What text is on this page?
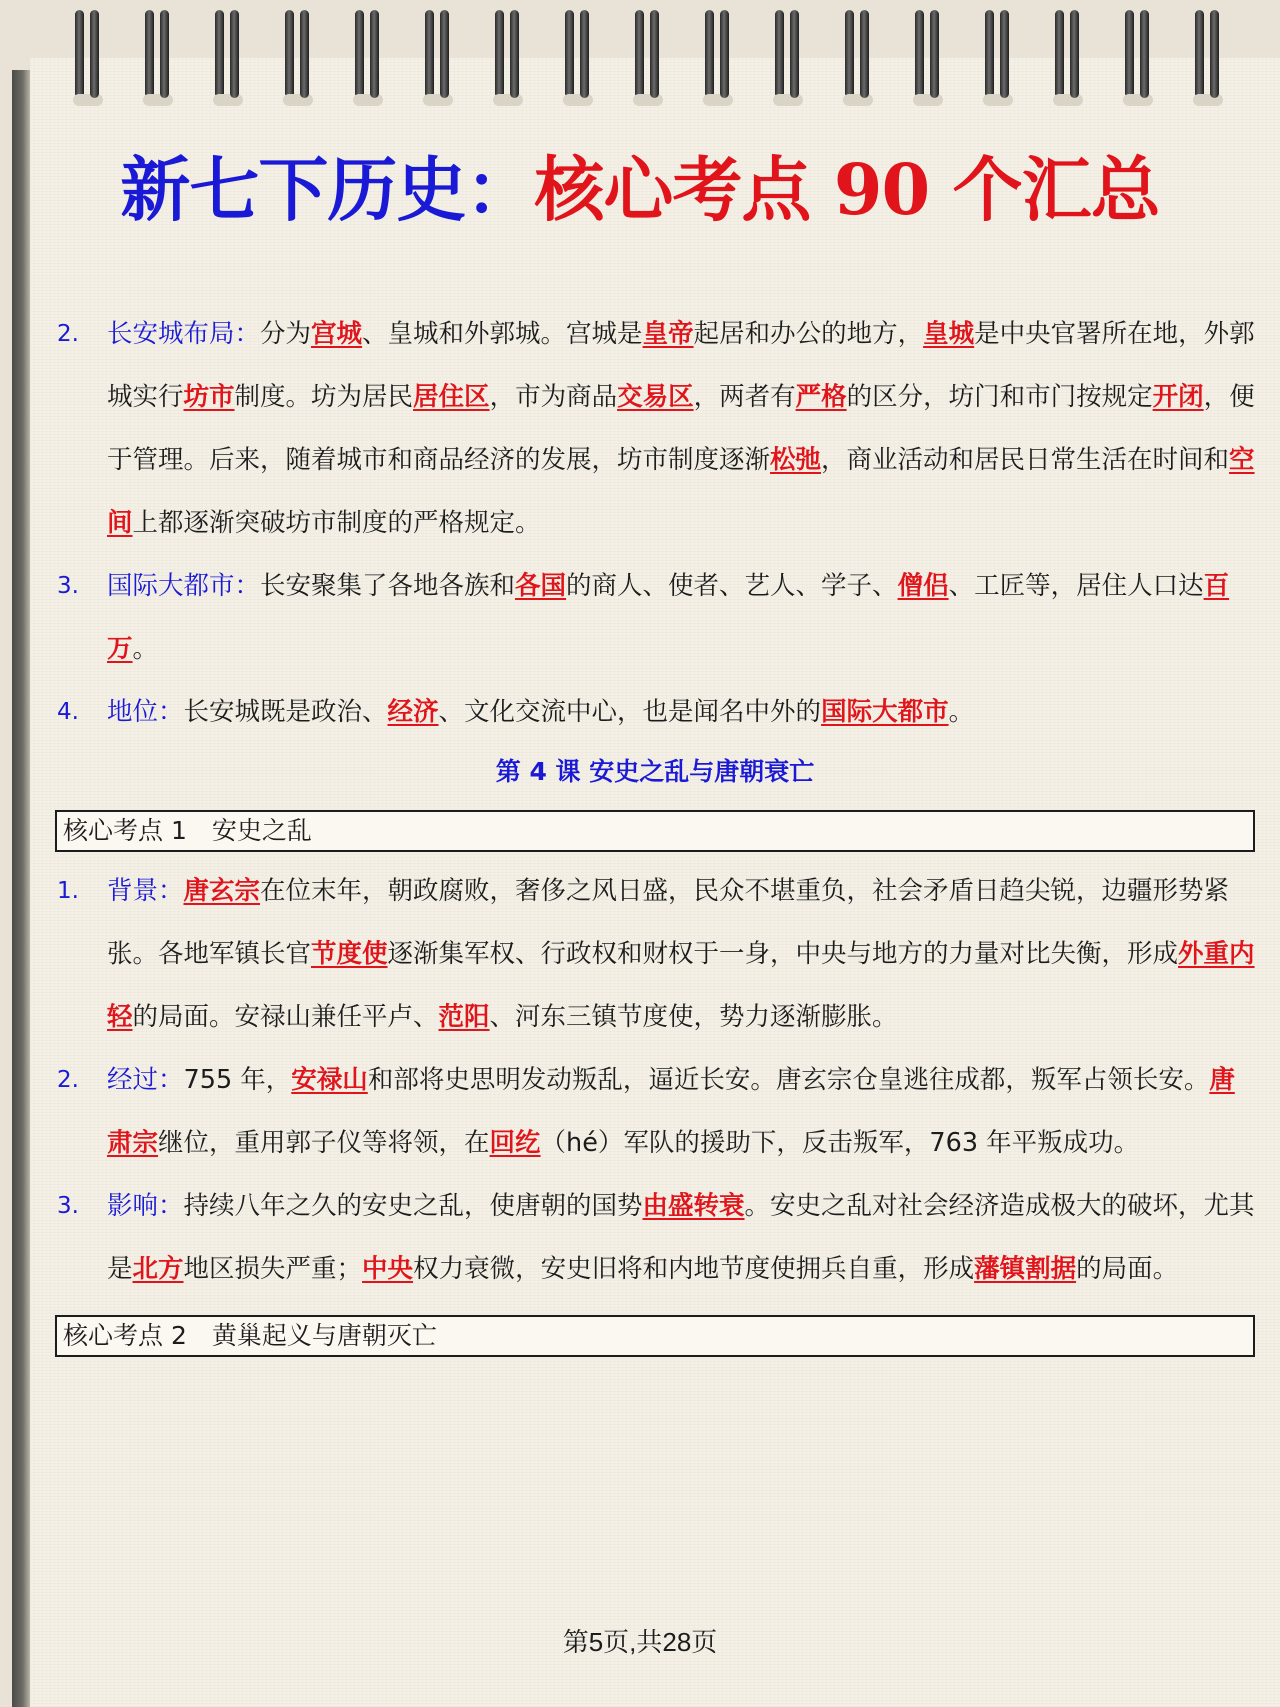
新七下历史：核心考点 90 个汇总
2. 长安城布局：分为宫城、皇城和外郭城。宫城是皇帝起居和办公的地方，皇城是中央官署所在地，外郭城实行坊市制度。坊为居民居住区，市为商品交易区，两者有严格的区分，坊门和市门按规定开闭，便于管理。后来，随着城市和商品经济的发展，坊市制度逐渐松弛，商业活动和居民日常生活在时间和空间上都逐渐突破坊市制度的严格规定。
3. 国际大都市：长安聚集了各地各族和各国的商人、使者、艺人、学子、僧侣、工匠等，居住人口达百万。
4. 地位：长安城既是政治、经济、文化交流中心，也是闻名中外的国际大都市。
第 4 课 安史之乱与唐朝衰亡
核心考点 1　安史之乱
1. 背景：唐玄宗在位末年，朝政腐败，奢侈之风日盛，民众不堪重负，社会矛盾日趋尖锐，边疆形势紧张。各地军镇长官节度使逐渐集军权、行政权和财权于一身，中央与地方的力量对比失衡，形成外重内轻的局面。安禄山兼任平卢、范阳、河东三镇节度使，势力逐渐膨胀。
2. 经过：755 年，安禄山和部将史思明发动叛乱，逼近长安。唐玄宗仓皇逃往成都，叛军占领长安。唐肃宗继位，重用郭子仪等将领，在回纥（hé）军队的援助下，反击叛军，763 年平叛成功。
3. 影响：持续八年之久的安史之乱，使唐朝的国势由盛转衰。安史之乱对社会经济造成极大的破坏，尤其是北方地区损失严重；中央权力衰微，安史旧将和内地节度使拥兵自重，形成藩镇割据的局面。
核心考点 2　黄巢起义与唐朝灭亡
第5页,共28页
